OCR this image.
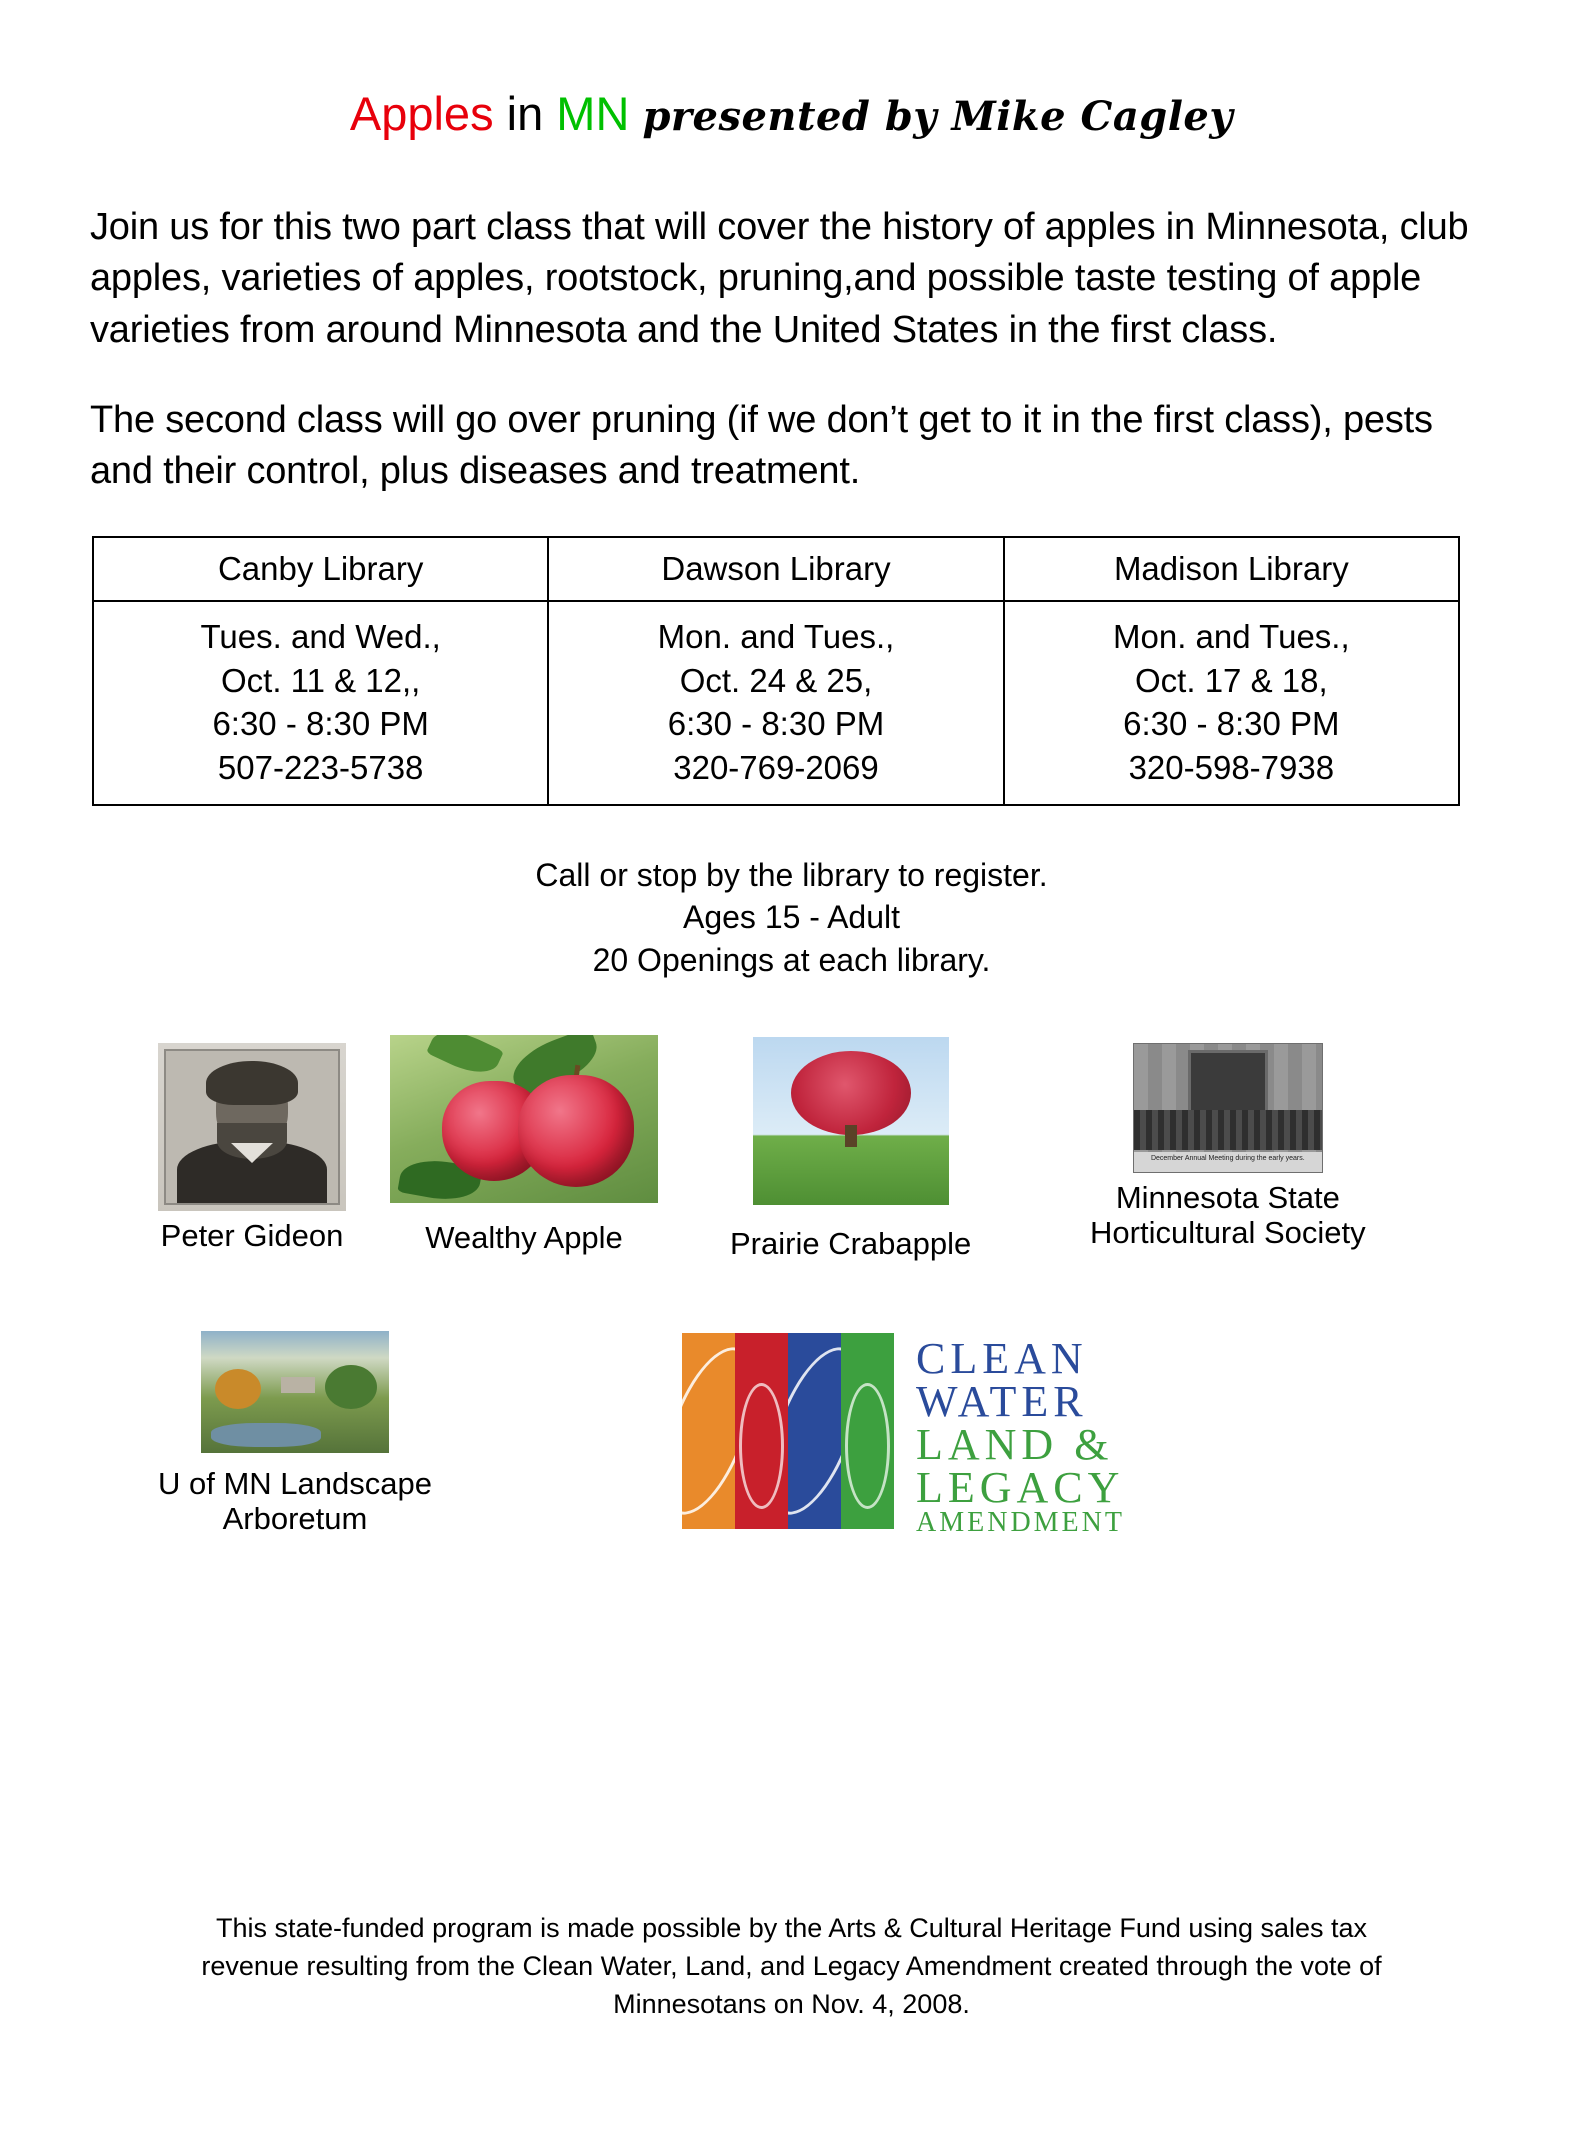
Apples in MN presented by Mike Cagley

Join us for this two part class that will cover the history of apples in Minnesota, club apples, varieties of apples, rootstock, pruning,and possible taste testing of apple varieties from around Minnesota and the United States in the first class.

The second class will go over pruning (if we don’t get to it in the first class), pests and their control, plus diseases and treatment.

Canby Library	Dawson Library	Madison Library

Tues. and Wed.,
Oct. 11 & 12,,
6:30 - 8:30 PM
507-223-5738

Mon. and Tues.,
Oct. 24 & 25,
6:30 - 8:30 PM
320-769-2069

Mon. and Tues.,
Oct. 17 & 18,
6:30 - 8:30 PM
320-598-7938
Call or stop by the library to register.
Ages 15 - Adult
20 Openings at each library.
Peter Gideon	Wealthy Apple	Prairie Crabapple
December Annual Meeting during the early years.
Minnesota State
Horticultural Society
U of MN Landscape
Arboretum
CLEAN
WATER
LAND &
LEGACY
AMENDMENT
This state-funded program is made possible by the Arts & Cultural Heritage Fund using sales tax
revenue resulting from the Clean Water, Land, and Legacy Amendment created through the vote of
Minnesotans on Nov. 4, 2008.
